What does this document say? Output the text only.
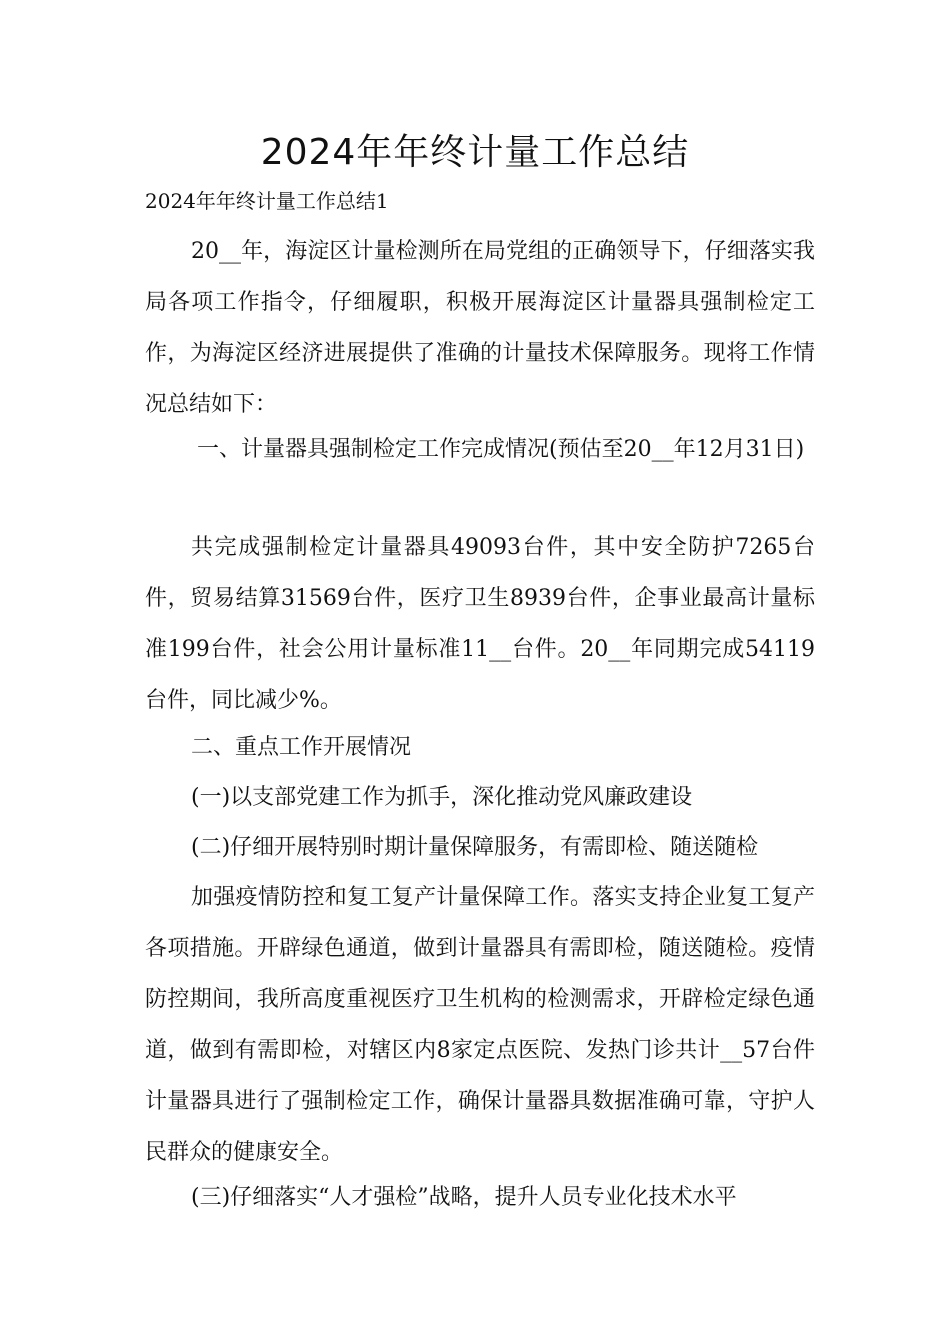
2024年年终计量工作总结

2024年年终计量工作总结1

20__年，海淀区计量检测所在局党组的正确领导下，仔细落实我局各项工作指令，仔细履职，积极开展海淀区计量器具强制检定工作，为海淀区经济进展提供了准确的计量技术保障服务。现将工作情况总结如下：

一、计量器具强制检定工作完成情况(预估至20__年12月31日)

共完成强制检定计量器具49093台件，其中安全防护7265台件，贸易结算31569台件，医疗卫生8939台件，企事业最高计量标准199台件，社会公用计量标准11__台件。20__年同期完成54119台件，同比减少%。

二、重点工作开展情况

(一)以支部党建工作为抓手，深化推动党风廉政建设

(二)仔细开展特别时期计量保障服务，有需即检、随送随检

加强疫情防控和复工复产计量保障工作。落实支持企业复工复产各项措施。开辟绿色通道，做到计量器具有需即检，随送随检。疫情防控期间，我所高度重视医疗卫生机构的检测需求，开辟检定绿色通道，做到有需即检，对辖区内8家定点医院、发热门诊共计__57台件计量器具进行了强制检定工作，确保计量器具数据准确可靠，守护人民群众的健康安全。

(三)仔细落实“人才强检”战略，提升人员专业化技术水平
